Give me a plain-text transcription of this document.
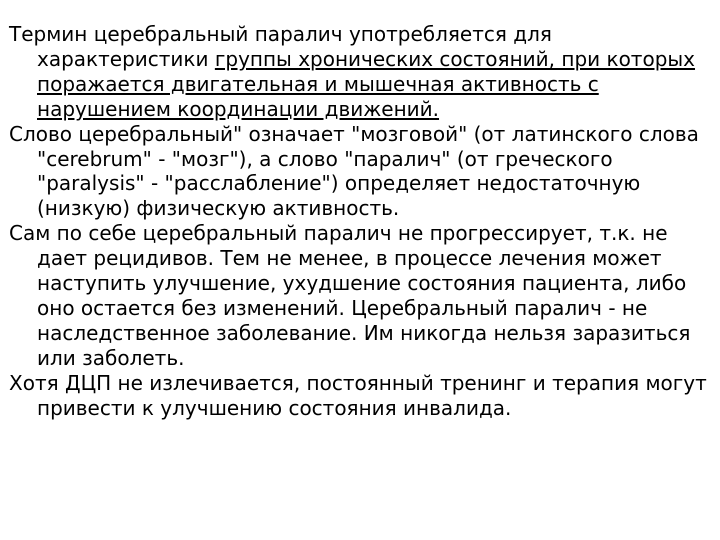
Термин церебральный паралич употребляется для характеристики группы хронических состояний, при которых поражается двигательная и мышечная активность с нарушением координации движений.

Слово церебральный" означает "мозговой" (от латинского слова "cerebrum" - "мозг"), а слово "паралич" (от греческого "paralysis" - "расслабление") определяет недостаточную (низкую) физическую активность.

Сам по себе церебральный паралич не прогрессирует, т.к. не дает рецидивов. Тем не менее, в процессе лечения может наступить улучшение, ухудшение состояния пациента, либо оно остается без изменений. Церебральный паралич - не наследственное заболевание. Им никогда нельзя заразиться или заболеть.

Хотя ДЦП не излечивается, постоянный тренинг и терапия могут привести к улучшению состояния инвалида.
